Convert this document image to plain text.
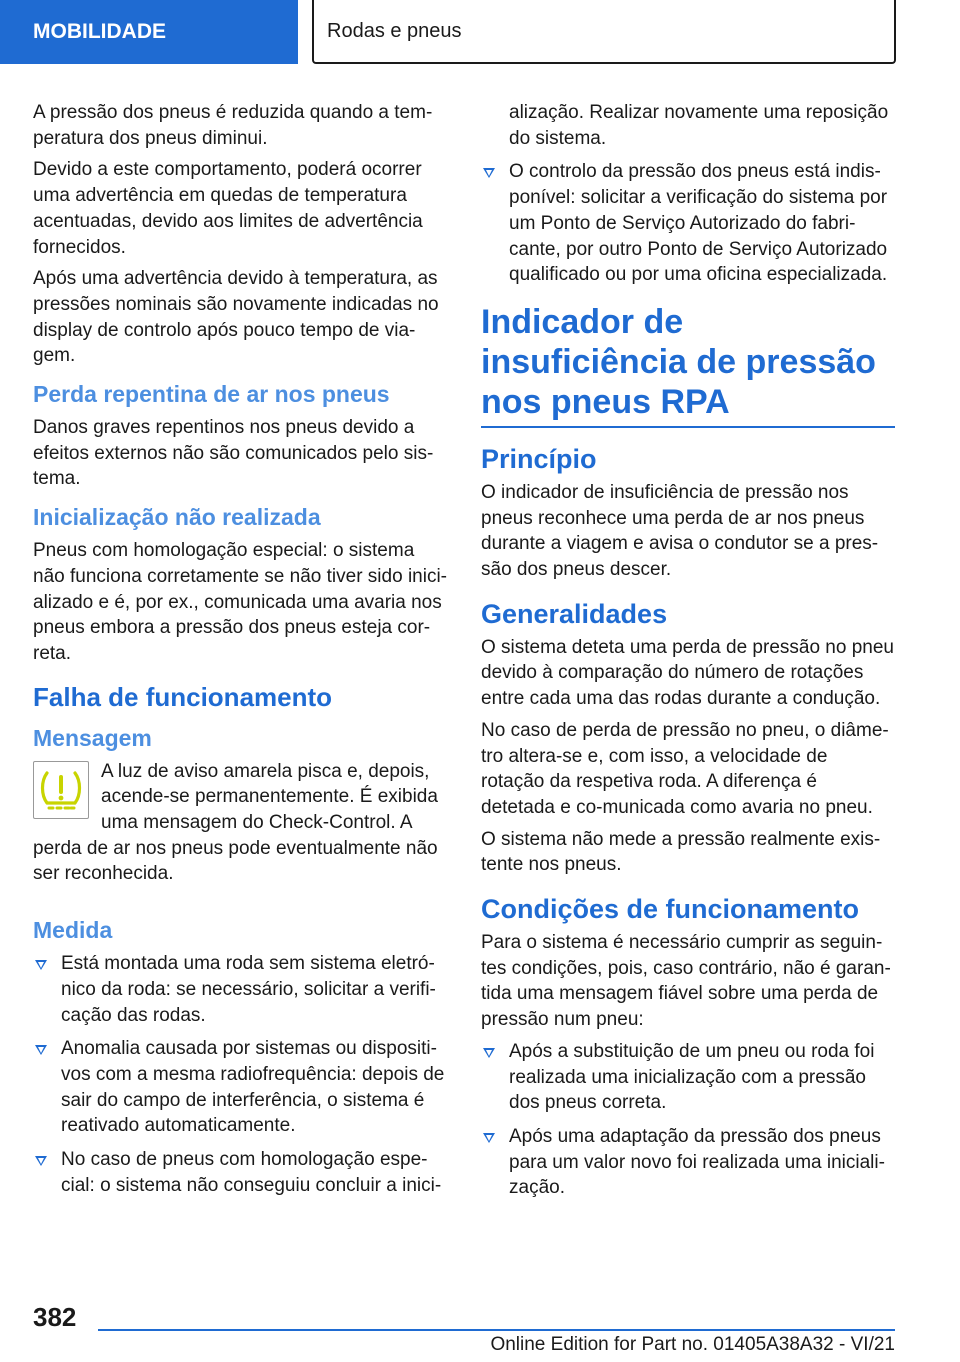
MOBILIDADE	Rodas e pneus

A pressão dos pneus é reduzida quando a tem-peratura dos pneus diminui.

Devido a este comportamento, poderá ocorrer uma advertência em quedas de temperatura acentuadas, devido aos limites de advertência fornecidos.

Após uma advertência devido à temperatura, as pressões nominais são novamente indicadas no display de controlo após pouco tempo de via-gem.

Perda repentina de ar nos pneus

Danos graves repentinos nos pneus devido a efeitos externos não são comunicados pelo sis-tema.

Inicialização não realizada

Pneus com homologação especial: o sistema não funciona corretamente se não tiver sido inici-alizado e é, por ex., comunicada uma avaria nos pneus embora a pressão dos pneus esteja cor-reta.

Falha de funcionamento
Mensagem

A luz de aviso amarela pisca e, depois, acende-se permanentemente. É exibida uma mensagem do Check-Control. A perda de ar nos pneus pode eventualmente não ser reconhecida.

Medida
Está montada uma roda sem sistema eletró-nico da roda: se necessário, solicitar a verifi-cação das rodas.
Anomalia causada por sistemas ou dispositi-vos com a mesma radiofrequência: depois de sair do campo de interferência, o sistema é reativado automaticamente.
No caso de pneus com homologação espe-cial: o sistema não conseguiu concluir a inici-

alização. Realizar novamente uma reposição do sistema.

O controlo da pressão dos pneus está indis-ponível: solicitar a verificação do sistema por um Ponto de Serviço Autorizado do fabri-cante, por outro Ponto de Serviço Autorizado qualificado ou por uma oficina especializada.
Indicador de insuficiência de pressão nos pneus RPA
Princípio

O indicador de insuficiência de pressão nos pneus reconhece uma perda de ar nos pneus durante a viagem e avisa o condutor se a pres-são dos pneus descer.

Generalidades

O sistema deteta uma perda de pressão no pneu devido à comparação do número de rotações entre cada uma das rodas durante a condução.

No caso de perda de pressão no pneu, o diâme-tro altera-se e, com isso, a velocidade de rotação da respetiva roda. A diferença é detetada e co-municada como avaria no pneu.

O sistema não mede a pressão realmente exis-tente nos pneus.

Condições de funcionamento

Para o sistema é necessário cumprir as seguin-tes condições, pois, caso contrário, não é garan-tida uma mensagem fiável sobre uma perda de pressão num pneu:

Após a substituição de um pneu ou roda foi realizada uma inicialização com a pressão dos pneus correta.
Após uma adaptação da pressão dos pneus para um valor novo foi realizada uma iniciali-zação.
382
Online Edition for Part no. 01405A38A32 - VI/21
